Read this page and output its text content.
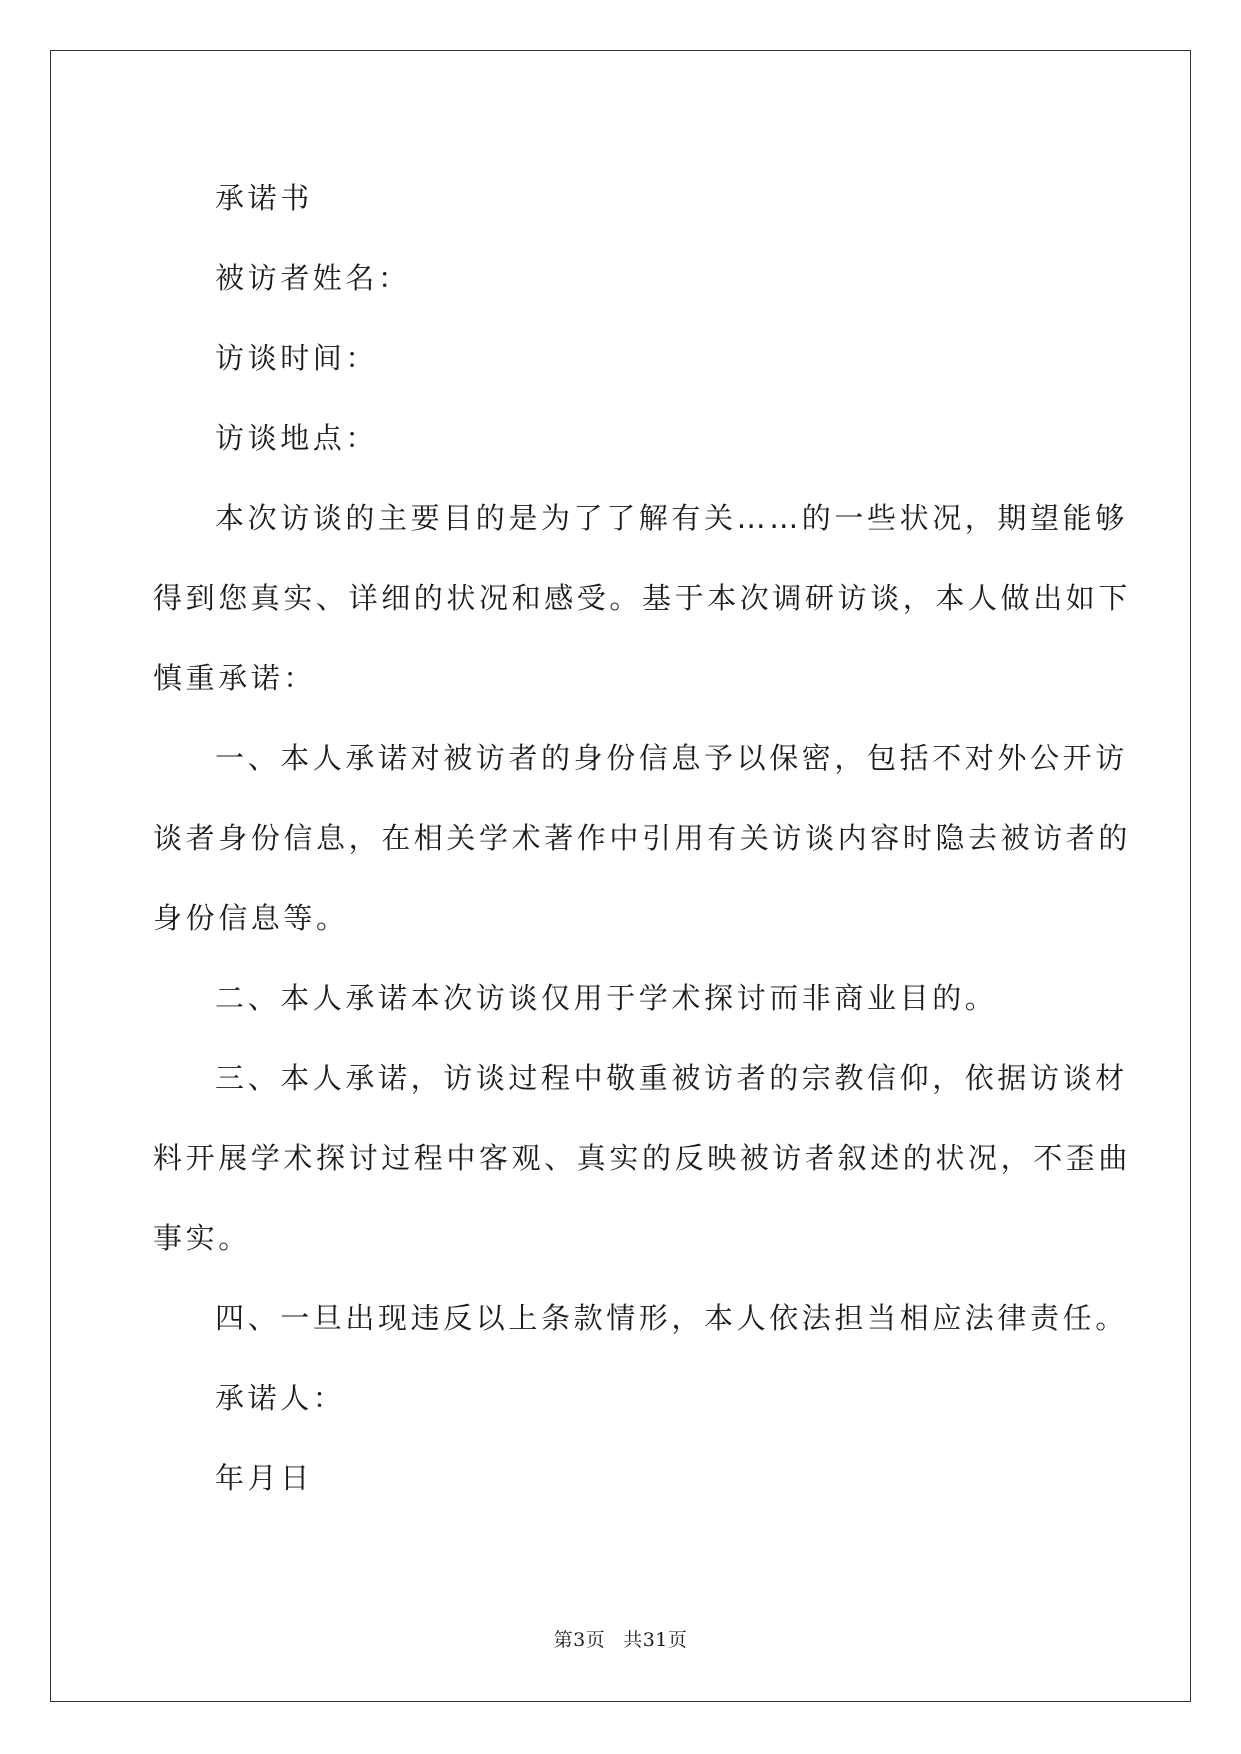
承诺书

被访者姓名：

访谈时间：

访谈地点：

本次访谈的主要目的是为了了解有关……的一些状况，期望能够

得到您真实、详细的状况和感受。基于本次调研访谈，本人做出如下

慎重承诺：

一、本人承诺对被访者的身份信息予以保密，包括不对外公开访

谈者身份信息，在相关学术著作中引用有关访谈内容时隐去被访者的

身份信息等。

二、本人承诺本次访谈仅用于学术探讨而非商业目的。

三、本人承诺，访谈过程中敬重被访者的宗教信仰，依据访谈材

料开展学术探讨过程中客观、真实的反映被访者叙述的状况，不歪曲

事实。

四、一旦出现违反以上条款情形，本人依法担当相应法律责任。

承诺人：

年月日

第3页 共31页
